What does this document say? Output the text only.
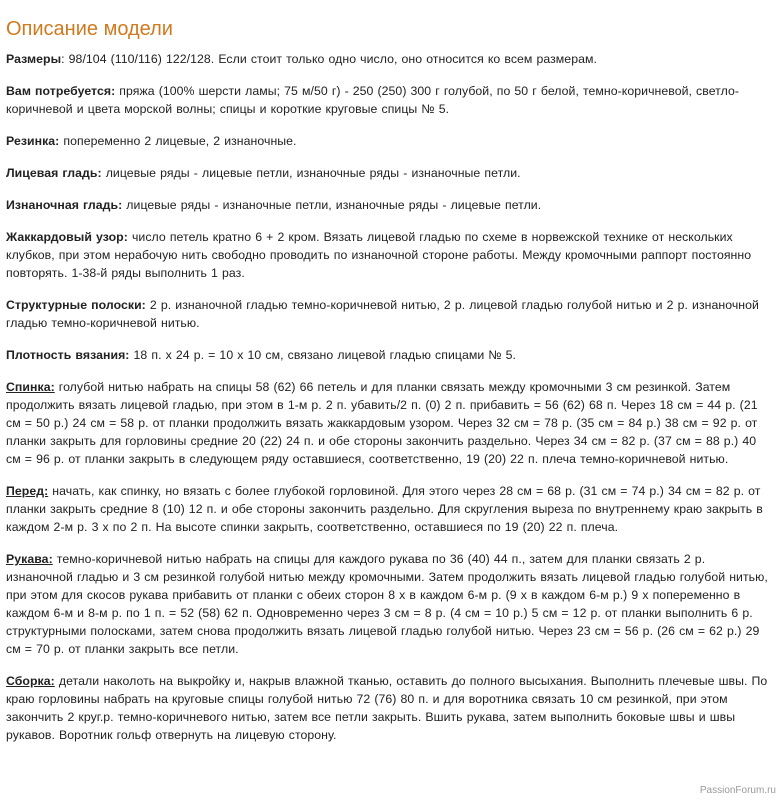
Описание модели

Размеры: 98/104 (110/116) 122/128. Если стоит только одно число, оно относится ко всем размерам.

Вам потребуется: пряжа (100% шерсти ламы; 75 м/50 г) - 250 (250) 300 г голубой, по 50 г белой, темно-коричневой, светло-коричневой и цвета морской волны; спицы и короткие круговые спицы № 5.

Резинка: попеременно 2 лицевые, 2 изнаночные.

Лицевая гладь: лицевые ряды - лицевые петли, изнаночные ряды - изнаночные петли.

Изнаночная гладь: лицевые ряды - изнаночные петли, изнаночные ряды - лицевые петли.

Жаккардовый узор: число петель кратно 6 + 2 кром. Вязать лицевой гладью по схеме в норвежской технике от нескольких клубков, при этом нерабочую нить свободно проводить по изнаночной стороне работы. Между кромочными раппорт постоянно повторять. 1-38-й ряды выполнить 1 раз.

Структурные полоски: 2 р. изнаночной гладью темно-коричневой нитью, 2 р. лицевой гладью голубой нитью и 2 р. изнаночной гладью темно-коричневой нитью.

Плотность вязания: 18 п. х 24 р. = 10 х 10 см, связано лицевой гладью спицами № 5.

Спинка: голубой нитью набрать на спицы 58 (62) 66 петель и для планки связать между кромочными 3 см резинкой. Затем продолжить вязать лицевой гладью, при этом в 1-м р. 2 п. убавить/2 п. (0) 2 п. прибавить = 56 (62) 68 п. Через 18 см = 44 р. (21 см = 50 р.) 24 см = 58 р. от планки продолжить вязать жаккардовым узором. Через 32 см = 78 р. (35 см = 84 р.) 38 см = 92 р. от планки закрыть для горловины средние 20 (22) 24 п. и обе стороны закончить раздельно. Через 34 см = 82 р. (37 см = 88 р.) 40 см = 96 р. от планки закрыть в следующем ряду оставшиеся, соответственно, 19 (20) 22 п. плеча темно-коричневой нитью.

Перед: начать, как спинку, но вязать с более глубокой горловиной. Для этого через 28 см = 68 р. (31 см = 74 р.) 34 см = 82 р. от планки закрыть средние 8 (10) 12 п. и обе стороны закончить раздельно. Для скругления выреза по внутреннему краю закрыть в каждом 2-м р. 3 х по 2 п. На высоте спинки закрыть, соответственно, оставшиеся по 19 (20) 22 п. плеча.

Рукава: темно-коричневой нитью набрать на спицы для каждого рукава по 36 (40) 44 п., затем для планки связать 2 р. изнаночной гладью и 3 см резинкой голубой нитью между кромочными. Затем продолжить вязать лицевой гладью голубой нитью, при этом для скосов рукава прибавить от планки с обеих сторон 8 х в каждом 6-м р. (9 х в каждом 6-м р.) 9 х попеременно в каждом 6-м и 8-м р. по 1 п. = 52 (58) 62 п. Одновременно через 3 см = 8 р. (4 см = 10 р.) 5 см = 12 р. от планки выполнить 6 р. структурными полосками, затем снова продолжить вязать лицевой гладью голубой нитью. Через 23 см = 56 р. (26 см = 62 р.) 29 см = 70 р. от планки закрыть все петли.

Сборка: детали наколоть на выкройку и, накрыв влажной тканью, оставить до полного высыхания. Выполнить плечевые швы. По краю горловины набрать на круговые спицы голубой нитью 72 (76) 80 п. и для воротника связать 10 см резинкой, при этом закончить 2 круг.р. темно-коричневого нитью, затем все петли закрыть. Вшить рукава, затем выполнить боковые швы и швы рукавов. Воротник гольф отвернуть на лицевую сторону.

PassionForum.ru
